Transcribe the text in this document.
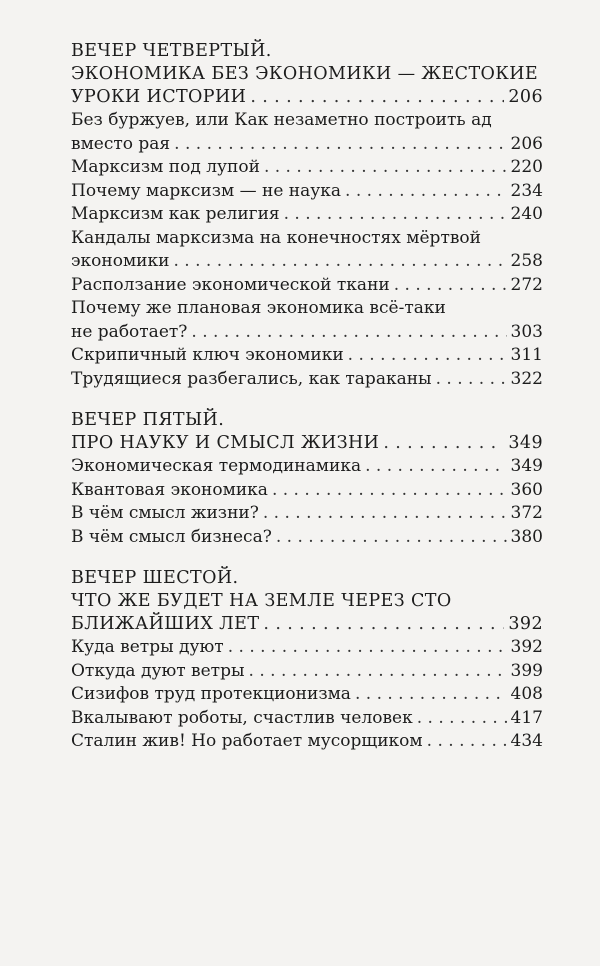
ВЕЧЕР ЧЕТВЕРТЫЙ.
ЭКОНОМИКА БЕЗ ЭКОНОМИКИ — ЖЕСТОКИЕ
УРОКИ ИСТОРИИ . . .	206
Без буржуев, или Как незаметно построить ад
вместо рая . . .	206
Марксизм под лупой . . .	220
Почему марксизм — не наука . . .	234
Марксизм как религия . . .	240
Кандалы марксизма на конечностях мёртвой
экономики . . .	258
Расползание экономической ткани . . .	272
Почему же плановая экономика всё-таки
не работает? . . .	303
Скрипичный ключ экономики . . .	311
Трудящиеся разбегались, как тараканы . . .	322
ВЕЧЕР ПЯТЫЙ.
ПРО НАУКУ И СМЫСЛ ЖИЗНИ . . .	349
Экономическая термодинамика . . .	349
Квантовая экономика . . .	360
В чём смысл жизни? . . .	372
В чём смысл бизнеса? . . .	380
ВЕЧЕР ШЕСТОЙ.
ЧТО ЖЕ БУДЕТ НА ЗЕМЛЕ ЧЕРЕЗ СТО
БЛИЖАЙШИХ ЛЕТ . . .	392
Куда ветры дуют . . .	392
Откуда дуют ветры . . .	399
Сизифов труд протекционизма . . .	408
Вкалывают роботы, счастлив человек . . .	417
Сталин жив! Но работает мусорщиком . . .	434
